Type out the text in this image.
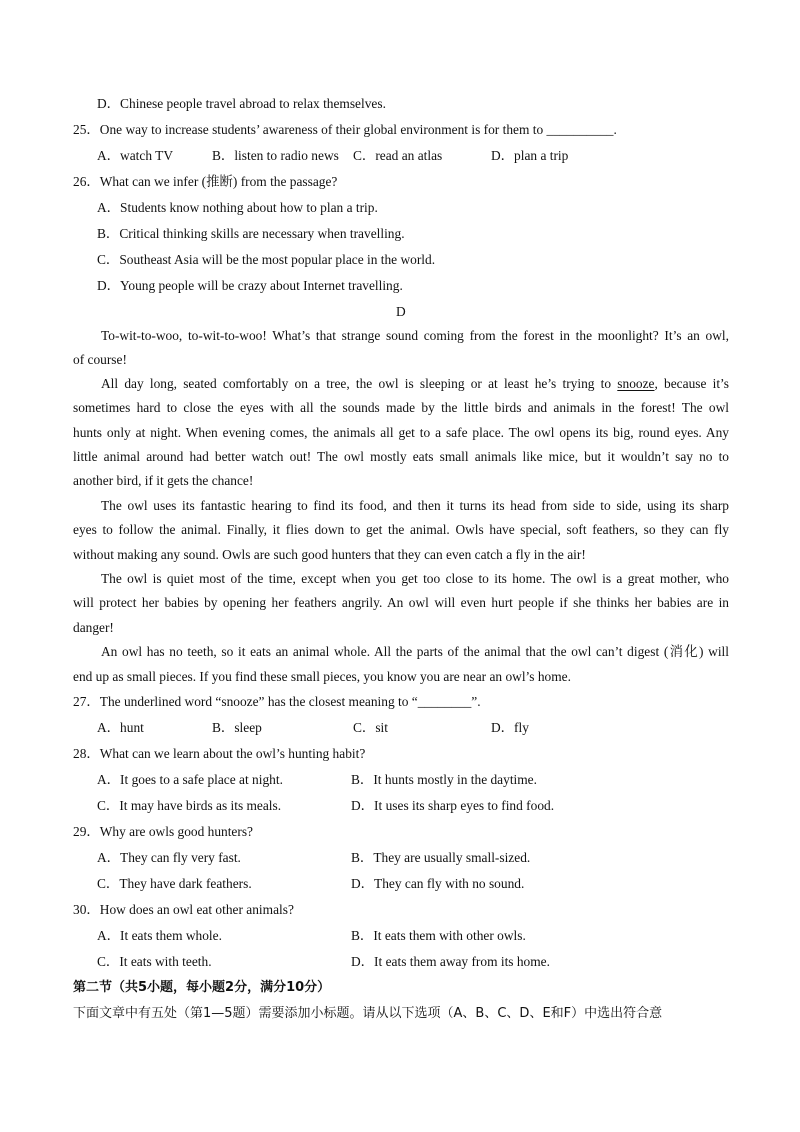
D．Chinese people travel abroad to relax themselves.
25．One way to increase students’ awareness of their global environment is for them to __________.
A．watch TV	B．listen to radio news C．read an atlas	D．plan a trip
26．What can we infer (推断) from the passage?
A．Students know nothing about how to plan a trip.
B．Critical thinking skills are necessary when travelling.
C．Southeast Asia will be the most popular place in the world.
D．Young people will be crazy about Internet travelling.
D
To-wit-to-woo, to-wit-to-woo! What’s that strange sound coming from the forest in the moonlight? It’s an owl,
of course!
All day long, seated comfortably on a tree, the owl is sleeping or at least he’s trying to snooze, because it’s
sometimes hard to close the eyes with all the sounds made by the little birds and animals in the forest! The owl
hunts only at night. When evening comes, the animals all get to a safe place. The owl opens its big, round eyes. Any
little animal around had better watch out! The owl mostly eats small animals like mice, but it wouldn’t say no to
another bird, if it gets the chance!
The owl uses its fantastic hearing to find its food, and then it turns its head from side to side, using its sharp
eyes to follow the animal. Finally, it flies down to get the animal. Owls have special, soft feathers, so they can fly
without making any sound. Owls are such good hunters that they can even catch a fly in the air!
The owl is quiet most of the time, except when you get too close to its home. The owl is a great mother, who
will protect her babies by opening her feathers angrily. An owl will even hurt people if she thinks her babies are in
danger!
An owl has no teeth, so it eats an animal whole. All the parts of the animal that the owl can’t digest (消化) will
end up as small pieces. If you find these small pieces, you know you are near an owl’s home.
27．The underlined word “snooze” has the closest meaning to “________”.
A．hunt	B．sleep	C．sit	D．fly
28．What can we learn about the owl’s hunting habit?
A．It goes to a safe place at night.	B．It hunts mostly in the daytime.
C．It may have birds as its meals.	D．It uses its sharp eyes to find food.
29．Why are owls good hunters?
A．They can fly very fast.	B．They are usually small-sized.
C．They have dark feathers.	D．They can fly with no sound.
30．How does an owl eat other animals?
A．It eats them whole.	B．It eats them with other owls.
C．It eats with teeth.	D．It eats them away from its home.
第二节（共5小题，每小题2分，满分10分）
下面文章中有五处（第1—5题）需要添加小标题。请从以下选项（A、B、C、D、E和F）中选出符合意
